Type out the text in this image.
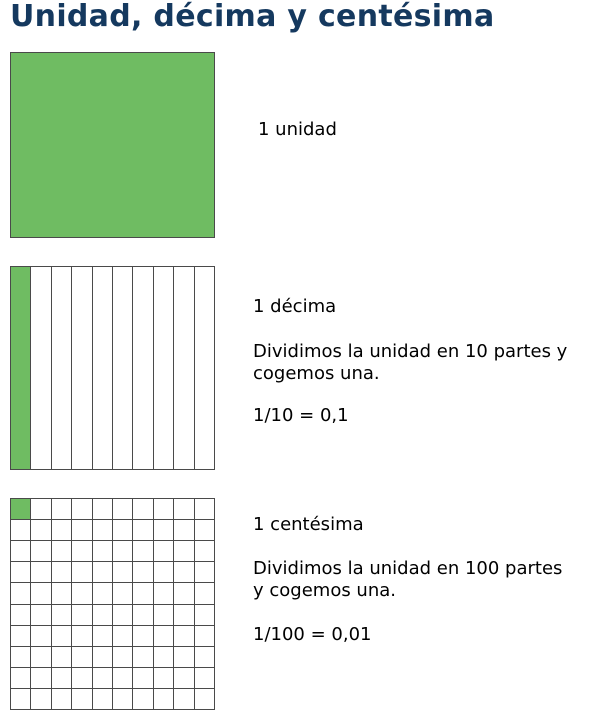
Unidad, décima y centésima
1 unidad
1 décima
Dividimos la unidad en 10 partes y
cogemos una.
1/10 = 0,1
1 centésima
Dividimos la unidad en 100 partes
y cogemos una.
1/100 = 0,01
